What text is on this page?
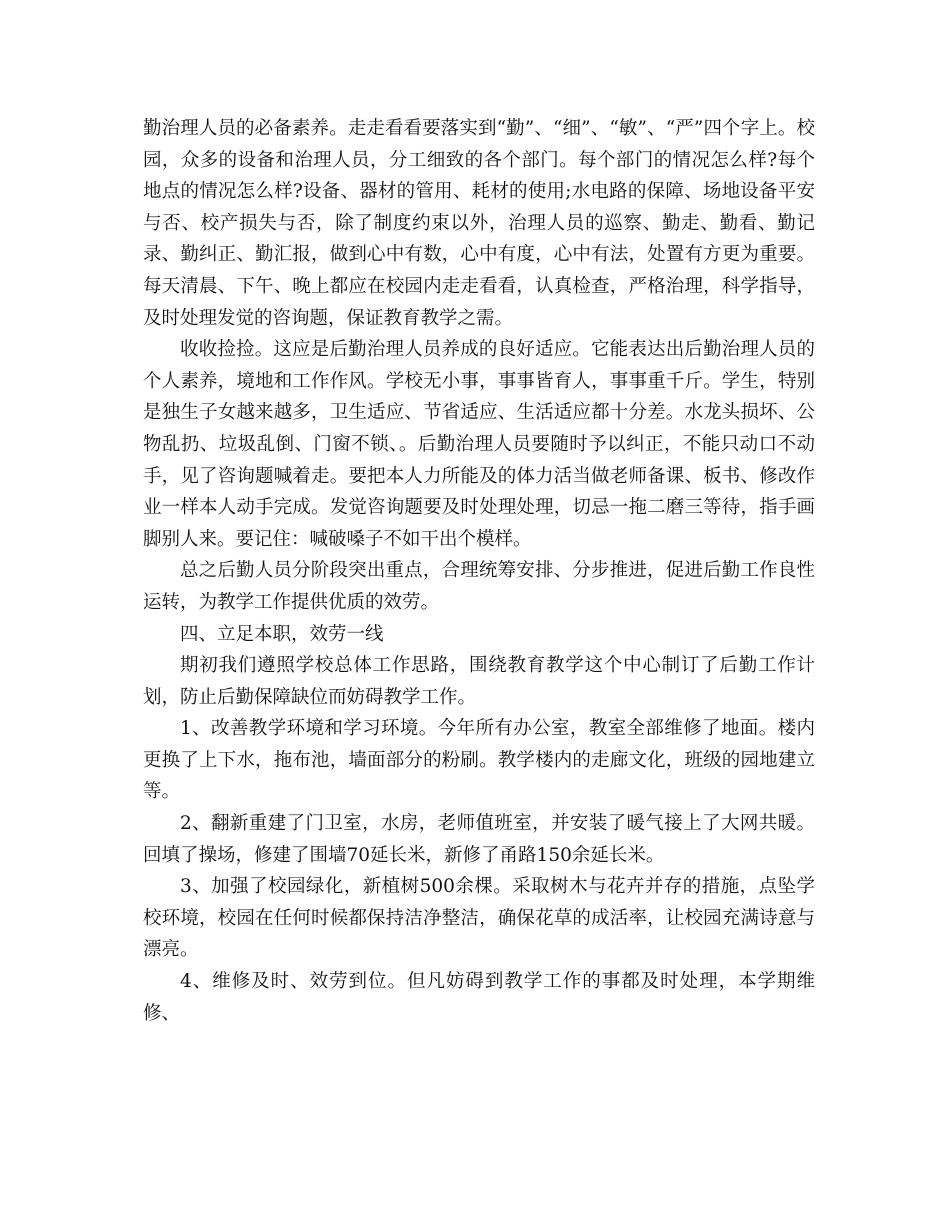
勤治理人员的必备素养。走走看看要落实到“勤”、“细”、“敏”、“严”四个字上。校园，众多的设备和治理人员，分工细致的各个部门。每个部门的情况怎么样?每个地点的情况怎么样?设备、器材的管用、耗材的使用;水电路的保障、场地设备平安与否、校产损失与否，除了制度约束以外，治理人员的巡察、勤走、勤看、勤记录、勤纠正、勤汇报，做到心中有数，心中有度，心中有法，处置有方更为重要。每天清晨、下午、晚上都应在校园内走走看看，认真检查，严格治理，科学指导，及时处理发觉的咨询题，保证教育教学之需。

收收捡捡。这应是后勤治理人员养成的良好适应。它能表达出后勤治理人员的个人素养，境地和工作作风。学校无小事，事事皆育人，事事重千斤。学生，特别是独生子女越来越多，卫生适应、节省适应、生活适应都十分差。水龙头损坏、公物乱扔、垃圾乱倒、门窗不锁、。后勤治理人员要随时予以纠正，不能只动口不动手，见了咨询题喊着走。要把本人力所能及的体力活当做老师备课、板书、修改作业一样本人动手完成。发觉咨询题要及时处理处理，切忌一拖二磨三等待，指手画脚别人来。要记住：喊破嗓子不如干出个模样。

总之后勤人员分阶段突出重点，合理统筹安排、分步推进，促进后勤工作良性运转，为教学工作提供优质的效劳。

四、立足本职，效劳一线

期初我们遵照学校总体工作思路，围绕教育教学这个中心制订了后勤工作计划，防止后勤保障缺位而妨碍教学工作。

1、改善教学环境和学习环境。今年所有办公室，教室全部维修了地面。楼内更换了上下水，拖布池，墙面部分的粉刷。教学楼内的走廊文化，班级的园地建立等。

2、翻新重建了门卫室，水房，老师值班室，并安装了暖气接上了大网共暖。回填了操场，修建了围墙70延长米，新修了甬路150余延长米。

3、加强了校园绿化，新植树500余棵。采取树木与花卉并存的措施，点坠学校环境，校园在任何时候都保持洁净整洁，确保花草的成活率，让校园充满诗意与漂亮。

4、维修及时、效劳到位。但凡妨碍到教学工作的事都及时处理，本学期维修、
